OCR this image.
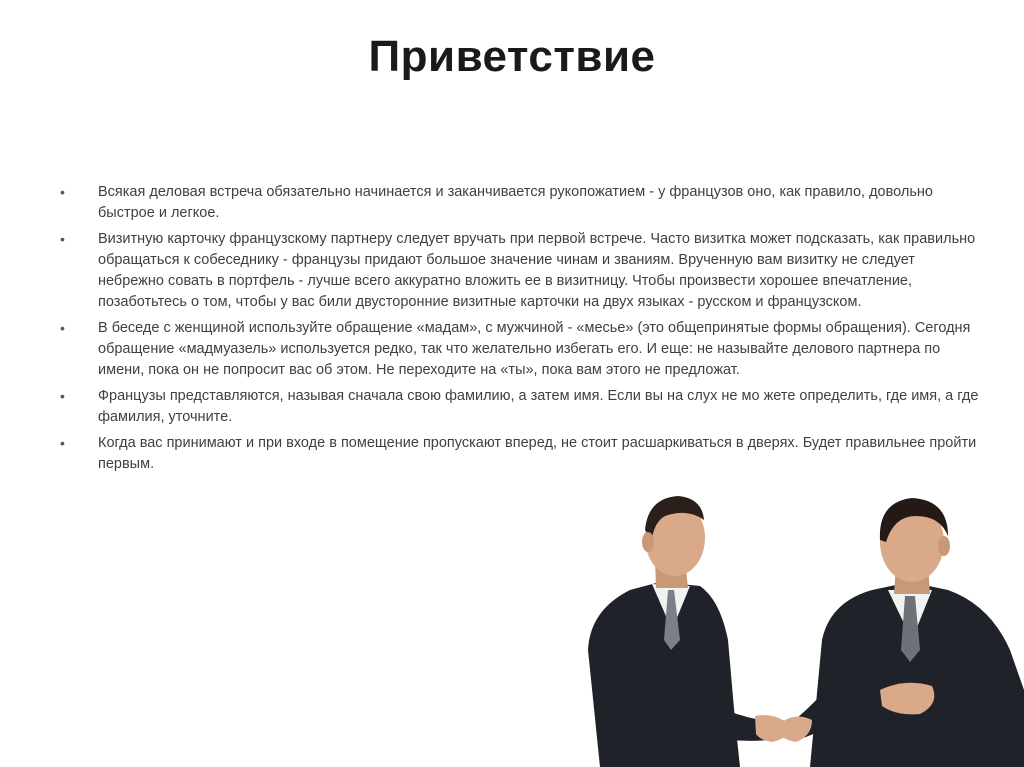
Приветствие
• Всякая деловая встреча обязательно начинается и заканчивается рукопожатием - у французов оно, как правило, довольно быстрое и легкое.
• Визитную карточку французскому партнеру следует вручать при первой встрече. Часто визитка может подсказать, как правильно обращаться к собеседнику - французы придают большое значение чинам и званиям. Врученную вам визитку не следует небрежно совать в портфель - лучше всего аккуратно вложить ее в визитницу. Чтобы произвести хорошее впечатление, позаботьтесь о том, чтобы у вас били двусторонние визитные карточки на двух языках - русском и французском.
• В беседе с женщиной используйте обращение «мадам», с мужчиной - «месье» (это общепринятые формы обращения). Сегодня обращение «мадмуазель» используется редко, так что желательно избегать его. И еще: не называйте делового партнера по имени, пока он не попросит вас об этом. Не переходите на «ты», пока вам этого не предложат.
• Французы представляются, называя сначала свою фамилию, а затем имя. Если вы на слух не мо жете определить, где имя, а где фамилия, уточните.
• Когда вас принимают и при входе в помещение пропускают вперед, не стоит расшаркиваться в дверях. Будет правильнее пройти первым.
